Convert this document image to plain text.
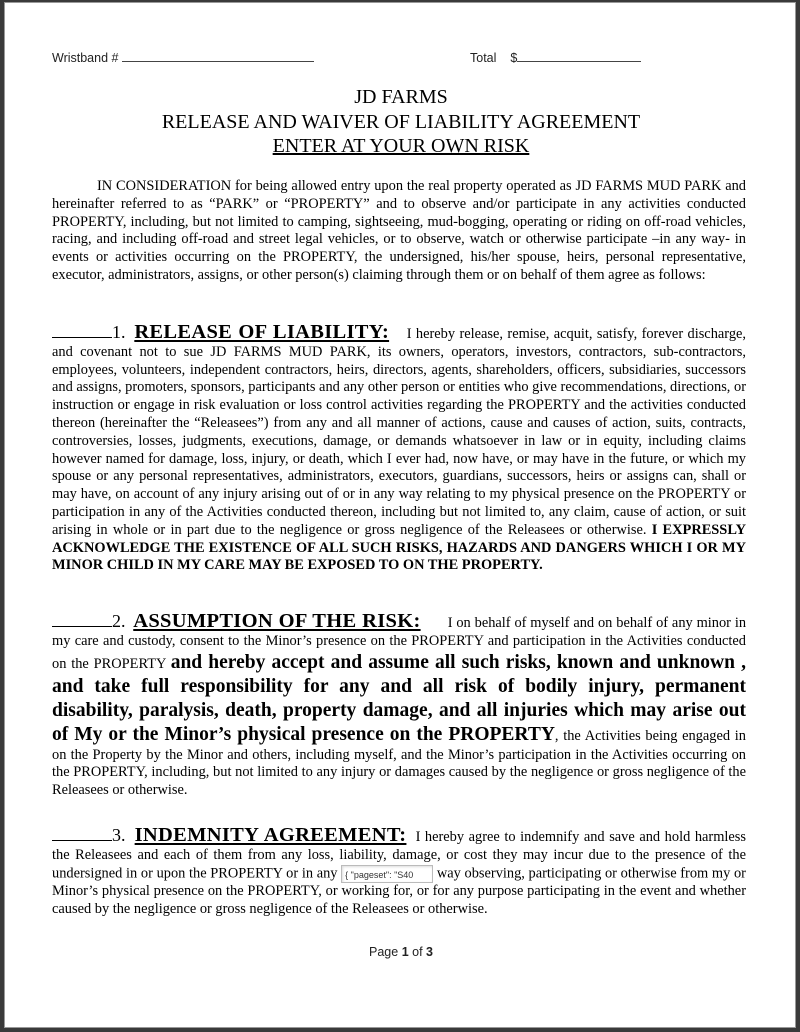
Wristband #	Total $
JD FARMS
RELEASE AND WAIVER OF LIABILITY AGREEMENT
ENTER AT YOUR OWN RISK
IN CONSIDERATION for being allowed entry upon the real property operated as JD FARMS MUD PARK and hereinafter referred to as “PARK” or “PROPERTY” and to observe and/or participate in any activities conducted PROPERTY, including, but not limited to camping, sightseeing, mud-bogging, operating or riding on off-road vehicles, racing, and including off-road and street legal vehicles, or to observe, watch or otherwise participate –in any way- in events or activities occurring on the PROPERTY, the undersigned, his/her spouse, heirs, personal representative, executor, administrators, assigns, or other person(s) claiming through them or on behalf of them agree as follows:
1. RELEASE OF LIABILITY: I hereby release, remise, acquit, satisfy, forever discharge, and covenant not to sue JD FARMS MUD PARK, its owners, operators, investors, contractors, sub-contractors, employees, volunteers, independent contractors, heirs, directors, agents, shareholders, officers, subsidiaries, successors and assigns, promoters, sponsors, participants and any other person or entities who give recommendations, directions, or instruction or engage in risk evaluation or loss control activities regarding the PROPERTY and the activities conducted thereon (hereinafter the “Releasees”) from any and all manner of actions, cause and causes of action, suits, contracts, controversies, losses, judgments, executions, damage, or demands whatsoever in law or in equity, including claims however named for damage, loss, injury, or death, which I ever had, now have, or may have in the future, or which my spouse or any personal representatives, administrators, executors, guardians, successors, heirs or assigns can, shall or may have, on account of any injury arising out of or in any way relating to my physical presence on the PROPERTY or participation in any of the Activities conducted thereon, including but not limited to, any claim, cause of action, or suit arising in whole or in part due to the negligence or gross negligence of the Releasees or otherwise. I EXPRESSLY ACKNOWLEDGE THE EXISTENCE OF ALL SUCH RISKS, HAZARDS AND DANGERS WHICH I OR MY MINOR CHILD IN MY CARE MAY BE EXPOSED TO ON THE PROPERTY.
2. ASSUMPTION OF THE RISK: I on behalf of myself and on behalf of any minor in my care and custody, consent to the Minor’s presence on the PROPERTY and participation in the Activities conducted on the PROPERTY and hereby accept and assume all such risks, known and unknown , and take full responsibility for any and all risk of bodily injury, permanent disability, paralysis, death, property damage, and all injuries which may arise out of My or the Minor’s physical presence on the PROPERTY, the Activities being engaged in on the Property by the Minor and others, including myself, and the Minor’s participation in the Activities occurring on the PROPERTY, including, but not limited to any injury or damages caused by the negligence or gross negligence of the Releasees or otherwise.
3. INDEMNITY AGREEMENT: I hereby agree to indemnify and save and hold harmless the Releasees and each of them from any loss, liability, damage, or cost they may incur due to the presence of the undersigned in or upon the PROPERTY or in any { "pageset": "S40 way observing, participating or otherwise from my or Minor’s physical presence on the PROPERTY, or working for, or for any purpose participating in the event and whether caused by the negligence or gross negligence of the Releasees or otherwise.
Page 1 of 3
